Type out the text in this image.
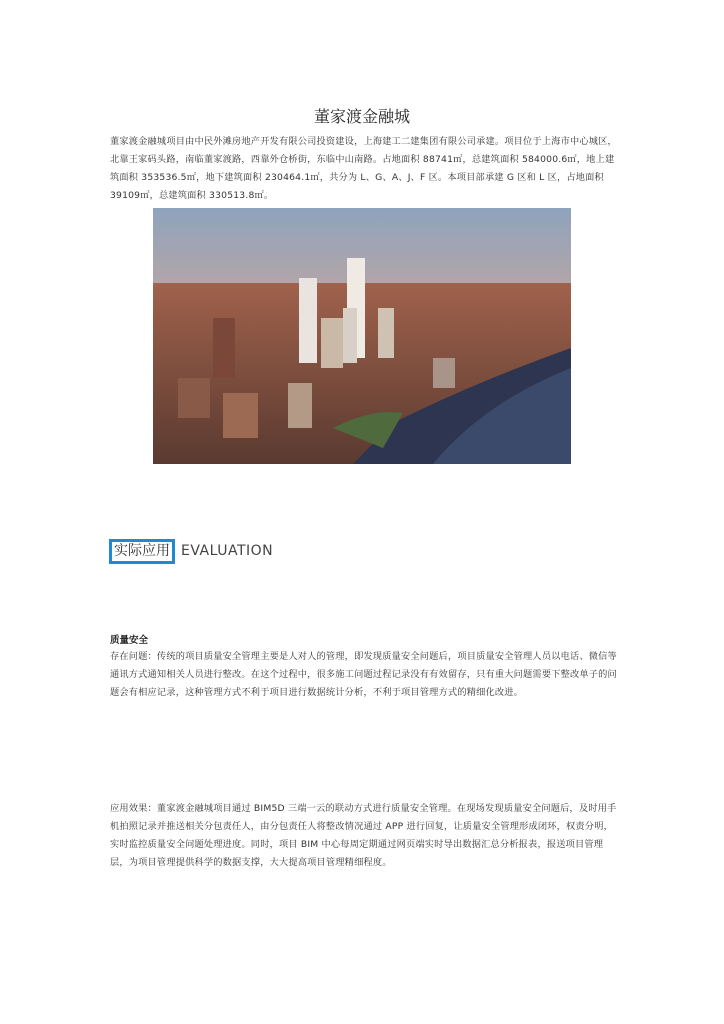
董家渡金融城
董家渡金融城项目由中民外滩房地产开发有限公司投资建设，上海建工二建集团有限公司承建。项目位于上海市中心城区，北靠王家码头路，南临董家渡路，西靠外仓桥街，东临中山南路。占地面积 88741㎡，总建筑面积 584000.6㎡，地上建筑面积 353536.5㎡，地下建筑面积 230464.1㎡，共分为 L、G、A、J、F 区。本项目部承建 G 区和 L 区，占地面积 39109㎡，总建筑面积 330513.8㎡。
实际应用 EVALUATION
质量安全
存在问题：传统的项目质量安全管理主要是人对人的管理，即发现质量安全问题后，项目质量安全管理人员以电话、微信等通讯方式通知相关人员进行整改。在这个过程中，很多施工问题过程记录没有有效留存，只有重大问题需要下整改单子的问题会有相应记录，这种管理方式不利于项目进行数据统计分析，不利于项目管理方式的精细化改进。
应用效果：董家渡金融城项目通过 BIM5D 三端一云的联动方式进行质量安全管理。在现场发现质量安全问题后，及时用手机拍照记录并推送相关分包责任人，由分包责任人将整改情况通过 APP 进行回复，让质量安全管理形成闭环，权责分明，实时监控质量安全问题处理进度。同时，项目 BIM 中心每周定期通过网页端实时导出数据汇总分析报表，报送项目管理层，为项目管理提供科学的数据支撑，大大提高项目管理精细程度。
